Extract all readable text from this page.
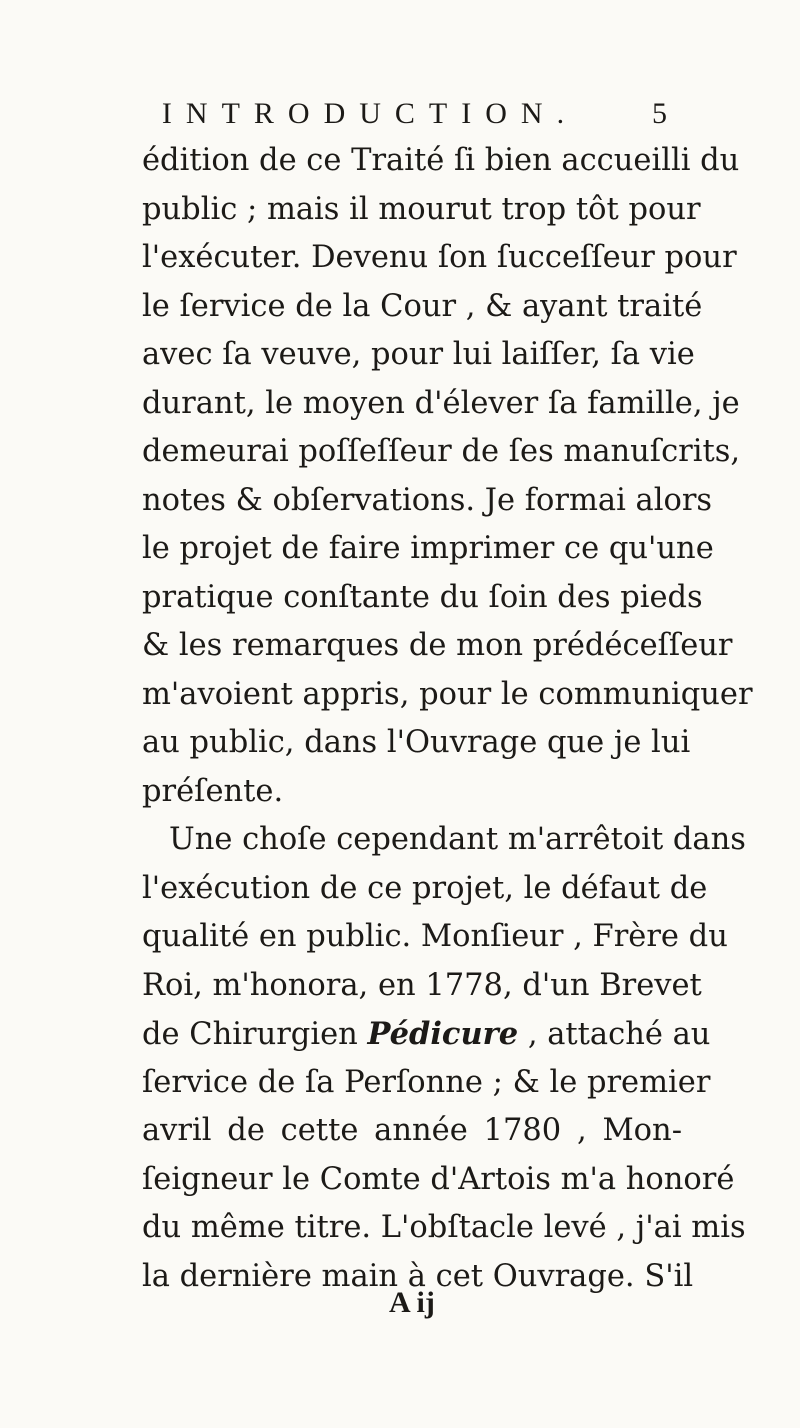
INTRODUCTION. 5
édition de ce Traité ſi bien accueilli du
public ; mais il mourut trop tôt pour
l'exécuter. Devenu ſon ſucceſſeur pour
le ſervice de la Cour , & ayant traité
avec ſa veuve, pour lui laiſſer, ſa vie
durant, le moyen d'élever ſa famille, je
demeurai poſſeſſeur de ſes manuſcrits,
notes & obſervations. Je formai alors
le projet de faire imprimer ce qu'une
pratique conſtante du ſoin des pieds
& les remarques de mon prédéceſſeur
m'avoient appris, pour le communiquer
au public, dans l'Ouvrage que je lui
préſente.
Une choſe cependant m'arrêtoit dans
l'exécution de ce projet, le défaut de
qualité en public. Monſieur , Frère du
Roi, m'honora, en 1778, d'un Brevet
de Chirurgien Pédicure , attaché au
ſervice de ſa Perſonne ; & le premier
avril de cette année 1780 , Mon-
ſeigneur le Comte d'Artois m'a honoré
du même titre. L'obſtacle levé , j'ai mis
la dernière main à cet Ouvrage. S'il
A ij
